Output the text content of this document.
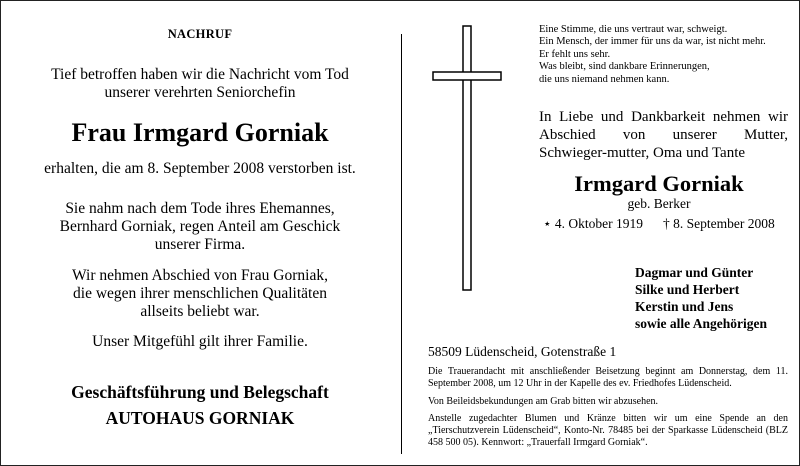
NACHRUF
Tief betroffen haben wir die Nachricht vom Tod
unserer verehrten Seniorchefin
Frau Irmgard Gorniak
erhalten, die am 8. September 2008 verstorben ist.
Sie nahm nach dem Tode ihres Ehemannes,
Bernhard Gorniak, regen Anteil am Geschick
unserer Firma.
Wir nehmen Abschied von Frau Gorniak,
die wegen ihrer menschlichen Qualitäten
allseits beliebt war.
Unser Mitgefühl gilt ihrer Familie.
Geschäftsführung und Belegschaft
AUTOHAUS GORNIAK
Eine Stimme, die uns vertraut war, schweigt.
Ein Mensch, der immer für uns da war, ist nicht mehr.
Er fehlt uns sehr.
Was bleibt, sind dankbare Erinnerungen,
die uns niemand nehmen kann.
In Liebe und Dankbarkeit nehmen wir Abschied von unserer Mutter, Schwieger-mutter, Oma und Tante
Irmgard Gorniak
geb. Berker
⋆ 4. Oktober 1919 † 8. September 2008
Dagmar und Günter
Silke und Herbert
Kerstin und Jens
sowie alle Angehörigen
58509 Lüdenscheid, Gotenstraße 1

Die Trauerandacht mit anschließender Beisetzung beginnt am Donnerstag, dem 11. September 2008, um 12 Uhr in der Kapelle des ev. Friedhofes Lüdenscheid.

Von Beileidsbekundungen am Grab bitten wir abzusehen.

Anstelle zugedachter Blumen und Kränze bitten wir um eine Spende an den „Tierschutzverein Lüdenscheid“, Konto-Nr. 78485 bei der Sparkasse Lüdenscheid (BLZ 458 500 05). Kennwort: „Trauerfall Irmgard Gorniak“.
